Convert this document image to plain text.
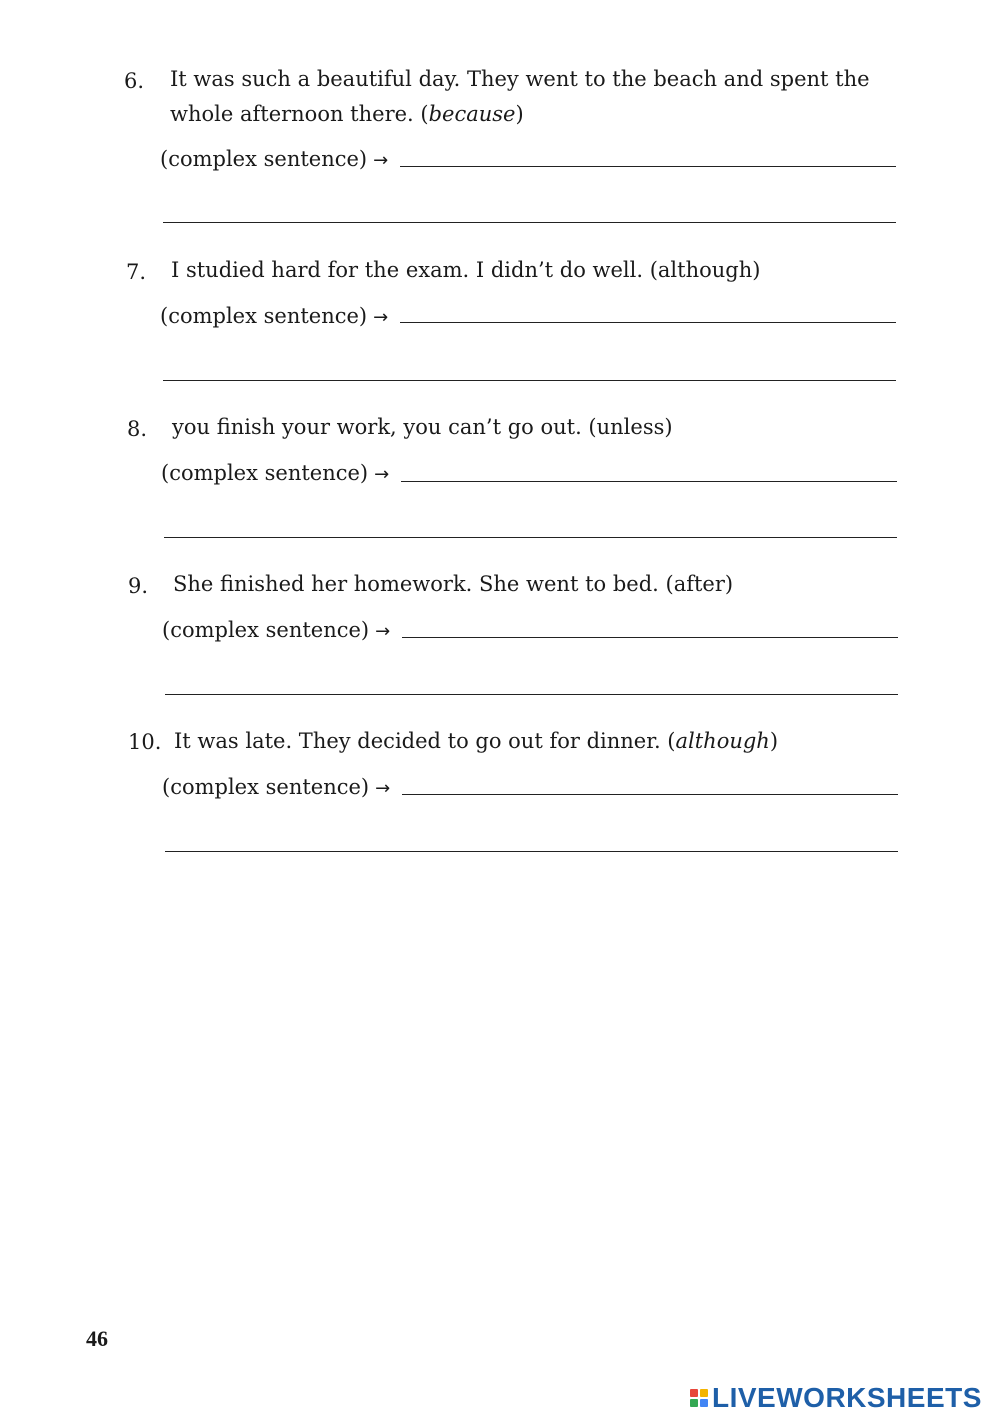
6. It was such a beautiful day. They went to the beach and spent the
whole afternoon there. (because)
(complex sentence) →
7. I studied hard for the exam. I didn’t do well. (although)
(complex sentence) →
8. you finish your work, you can’t go out. (unless)
(complex sentence) →
9. She finished her homework. She went to bed. (after)
(complex sentence) →
10. It was late. They decided to go out for dinner. (although)
(complex sentence) →
46
LIVEWORKSHEETS
